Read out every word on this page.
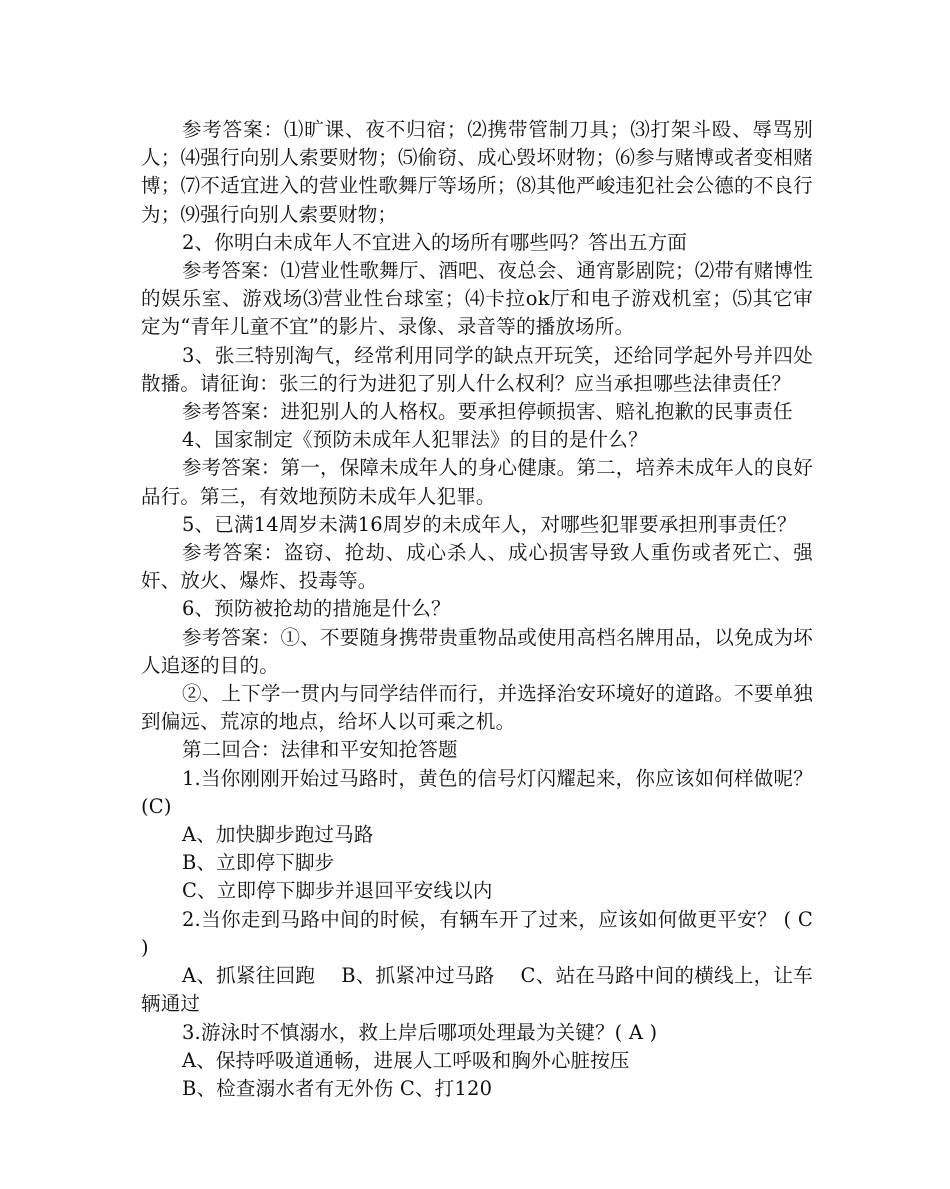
参考答案：⑴旷课、夜不归宿；⑵携带管制刀具；⑶打架斗殴、辱骂别人；⑷强行向别人索要财物；⑸偷窃、成心毁坏财物；⑹参与赌博或者变相赌博；⑺不适宜进入的营业性歌舞厅等场所；⑻其他严峻违犯社会公德的不良行为；⑼强行向别人索要财物；

2、你明白未成年人不宜进入的场所有哪些吗？答出五方面

参考答案：⑴营业性歌舞厅、酒吧、夜总会、通宵影剧院；⑵带有赌博性的娱乐室、游戏场⑶营业性台球室；⑷卡拉ok厅和电子游戏机室；⑸其它审定为“青年儿童不宜”的影片、录像、录音等的播放场所。

3、张三特别淘气，经常利用同学的缺点开玩笑，还给同学起外号并四处散播。请征询：张三的行为进犯了别人什么权利？应当承担哪些法律责任？

参考答案：进犯别人的人格权。要承担停顿损害、赔礼抱歉的民事责任

4、国家制定《预防未成年人犯罪法》的目的是什么？

参考答案：第一，保障未成年人的身心健康。第二，培养未成年人的良好品行。第三，有效地预防未成年人犯罪。

5、已满14周岁未满16周岁的未成年人，对哪些犯罪要承担刑事责任？

参考答案：盗窃、抢劫、成心杀人、成心损害导致人重伤或者死亡、强奸、放火、爆炸、投毒等。

6、预防被抢劫的措施是什么？

参考答案：①、不要随身携带贵重物品或使用高档名牌用品，以免成为坏人追逐的目的。

②、上下学一贯内与同学结伴而行，并选择治安环境好的道路。不要单独到偏远、荒凉的地点，给坏人以可乘之机。

第二回合：法律和平安知抢答题

1.当你刚刚开始过马路时，黄色的信号灯闪耀起来，你应该如何样做呢？ (C)

A、加快脚步跑过马路

B、立即停下脚步

C、立即停下脚步并退回平安线以内

2.当你走到马路中间的时候，有辆车开了过来，应该如何做更平安？ ( C )

A、抓紧往回跑    B、抓紧冲过马路    C、站在马路中间的横线上，让车辆通过

3.游泳时不慎溺水，救上岸后哪项处理最为关键？( A )

A、保持呼吸道通畅，进展人工呼吸和胸外心脏按压

B、检查溺水者有无外伤 C、打120
